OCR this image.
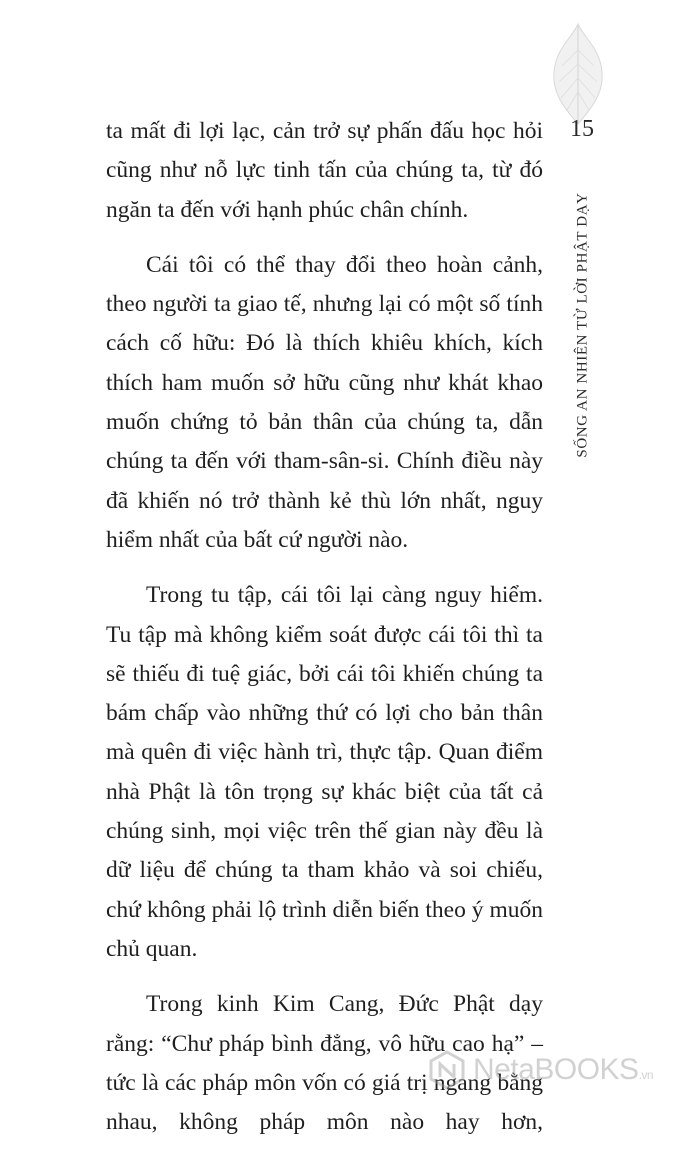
15
SỐNG AN NHIÊN TỪ LỜI PHẬT DẠY

ta mất đi lợi lạc, cản trở sự phấn đấu học hỏi cũng như nỗ lực tinh tấn của chúng ta, từ đó ngăn ta đến với hạnh phúc chân chính.

Cái tôi có thể thay đổi theo hoàn cảnh, theo người ta giao tế, nhưng lại có một số tính cách cố hữu: Đó là thích khiêu khích, kích thích ham muốn sở hữu cũng như khát khao muốn chứng tỏ bản thân của chúng ta, dẫn chúng ta đến với tham-sân-si. Chính điều này đã khiến nó trở thành kẻ thù lớn nhất, nguy hiểm nhất của bất cứ người nào.

Trong tu tập, cái tôi lại càng nguy hiểm. Tu tập mà không kiểm soát được cái tôi thì ta sẽ thiếu đi tuệ giác, bởi cái tôi khiến chúng ta bám chấp vào những thứ có lợi cho bản thân mà quên đi việc hành trì, thực tập. Quan điểm nhà Phật là tôn trọng sự khác biệt của tất cả chúng sinh, mọi việc trên thế gian này đều là dữ liệu để chúng ta tham khảo và soi chiếu, chứ không phải lộ trình diễn biến theo ý muốn chủ quan.

Trong kinh Kim Cang, Đức Phật dạy rằng: “Chư pháp bình đẳng, vô hữu cao hạ” – tức là các pháp môn vốn có giá trị ngang bằng nhau, không pháp môn nào hay hơn,

NetaBOOKS.vn
